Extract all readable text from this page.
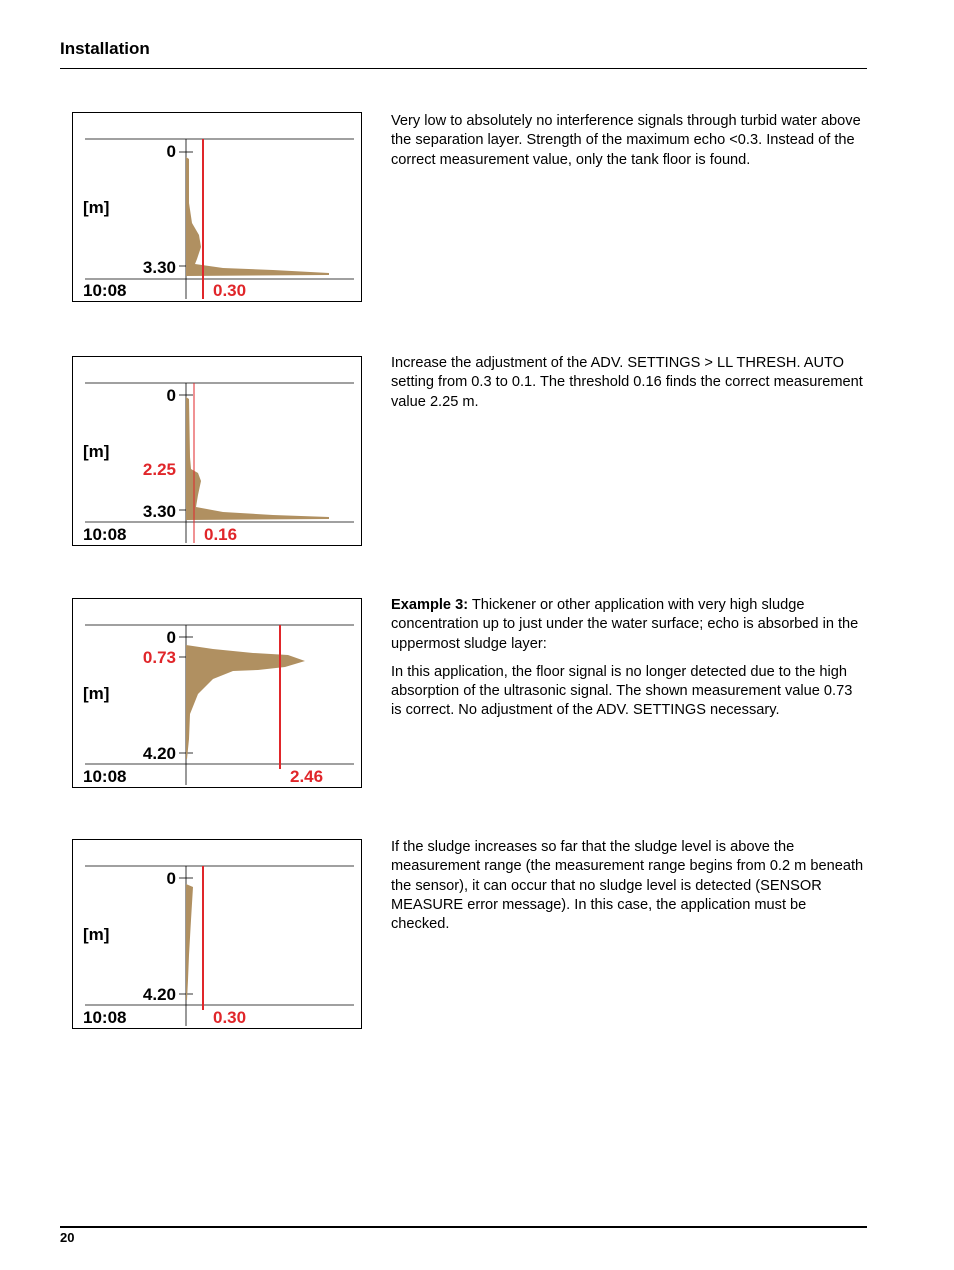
Installation
0
[m]
3.30
10:08	0.30

Very low to absolutely no interference signals through turbid water above the separation layer. Strength of the maximum echo <0.3. Instead of the correct measurement value, only the tank floor is found.

0
[m]
2.25
3.30
10:08	0.16

Increase the adjustment of the ADV. SETTINGS > LL THRESH. AUTO setting from 0.3 to 0.1. The threshold 0.16 finds the correct measurement value 2.25 m.

0
0.73
[m]
4.20
10:08	2.46

Example 3: Thickener or other application with very high sludge concentration up to just under the water surface; echo is absorbed in the uppermost sludge layer:

In this application, the floor signal is no longer detected due to the high absorption of the ultrasonic signal. The shown measurement value 0.73 is correct. No adjustment of the ADV. SETTINGS necessary.

0
[m]
4.20
10:08	0.30

If the sludge increases so far that the sludge level is above the measurement range (the measurement range begins from 0.2 m beneath the sensor), it can occur that no sludge level is detected (SENSOR MEASURE error message). In this case, the application must be checked.

20
